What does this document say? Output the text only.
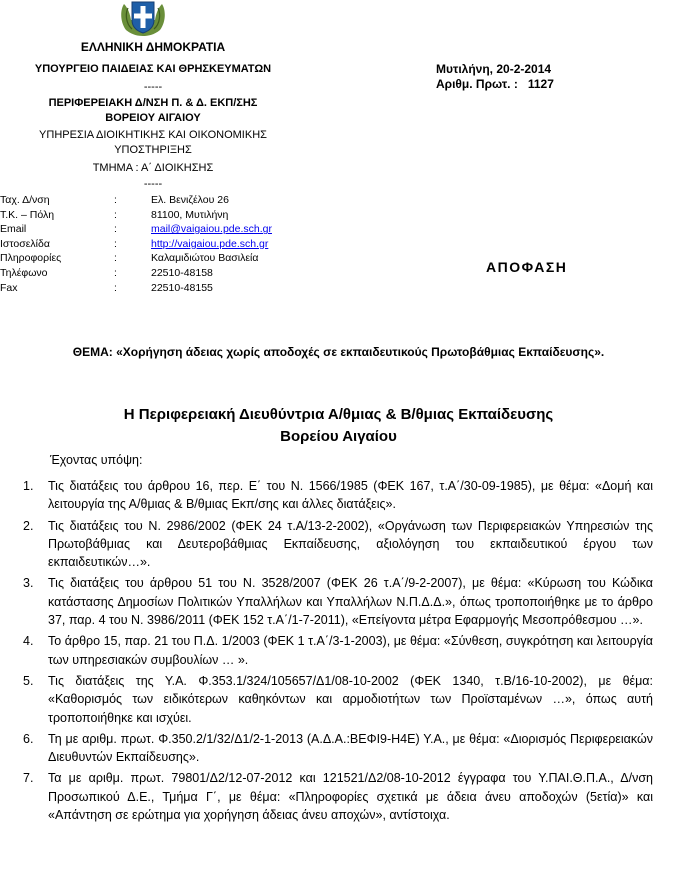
ΕΛΛΗΝΙΚΗ ΔΗΜΟΚΡΑΤΙΑ
ΥΠΟΥΡΓΕΙΟ ΠΑΙΔΕΙΑΣ ΚΑΙ ΘΡΗΣΚΕΥΜΑΤΩΝ
-----
ΠΕΡΙΦΕΡΕΙΑΚΗ Δ/ΝΣΗ Π. & Δ. ΕΚΠ/ΣΗΣ
ΒΟΡΕΙΟΥ ΑΙΓΑΙΟΥ
ΥΠΗΡΕΣΙΑ ΔΙΟΙΚΗΤΙΚΗΣ ΚΑΙ ΟΙΚΟΝΟΜΙΚΗΣ
ΥΠΟΣΤΗΡΙΞΗΣ
ΤΜΗΜΑ : Α΄ ΔΙΟΙΚΗΣΗΣ
-----
Μυτιλήνη, 20-2-2014
Αριθμ. Πρωτ. : 1127
Ταχ. Δ/νση	:	Ελ. Βενιζέλου 26
Τ.Κ. – Πόλη	:	81100, Μυτιλήνη
Email	:	mail@vaigaiou.pde.sch.gr
Ιστοσελίδα	:	http://vaigaiou.pde.sch.gr
Πληροφορίες	:	Καλαμιδιώτου Βασιλεία
Τηλέφωνο	:	22510-48158
Fax	:	22510-48155
ΑΠΟΦΑΣΗ
ΘΕΜΑ: «Χορήγηση άδειας χωρίς αποδοχές σε εκπαιδευτικούς Πρωτοβάθμιας Εκπαίδευσης».
Η Περιφερειακή Διευθύντρια Α/θμιας & Β/θμιας Εκπαίδευσης
Βορείου Αιγαίου
Έχοντας υπόψη:
1. Τις διατάξεις του άρθρου 16, περ. Ε΄ του Ν. 1566/1985 (ΦΕΚ 167, τ.Α΄/30-09-1985), με θέμα: «Δομή και λειτουργία της Α/θμιας & Β/θμιας Εκπ/σης και άλλες διατάξεις».
2. Τις διατάξεις του Ν. 2986/2002 (ΦΕΚ 24 τ.Α/13-2-2002), «Οργάνωση των Περιφερειακών Υπηρεσιών της Πρωτοβάθμιας και Δευτεροβάθμιας Εκπαίδευσης, αξιολόγηση του εκπαιδευτικού έργου των εκπαιδευτικών…».
3. Τις διατάξεις του άρθρου 51 του Ν. 3528/2007 (ΦΕΚ 26 τ.Α΄/9-2-2007), με θέμα: «Κύρωση του Κώδικα κατάστασης Δημοσίων Πολιτικών Υπαλλήλων και Υπαλλήλων Ν.Π.Δ.Δ.», όπως τροποποιήθηκε με το άρθρο 37, παρ. 4 του Ν. 3986/2011 (ΦΕΚ 152 τ.Α΄/1-7-2011), «Επείγοντα μέτρα Εφαρμογής Μεσοπρόθεσμου …».
4. Το άρθρο 15, παρ. 21 του Π.Δ. 1/2003 (ΦΕΚ 1 τ.Α΄/3-1-2003), με θέμα: «Σύνθεση, συγκρότηση και λειτουργία των υπηρεσιακών συμβουλίων … ».
5. Τις διατάξεις της Υ.Α. Φ.353.1/324/105657/Δ1/08-10-2002 (ΦΕΚ 1340, τ.Β/16-10-2002), με θέμα: «Καθορισμός των ειδικότερων καθηκόντων και αρμοδιοτήτων των Προϊσταμένων …», όπως αυτή τροποποιήθηκε και ισχύει.
6. Τη με αριθμ. πρωτ. Φ.350.2/1/32/Δ1/2-1-2013 (Α.Δ.Α.:ΒΕΦΙ9-Η4Ε) Υ.Α., με θέμα: «Διορισμός Περιφερειακών Διευθυντών Εκπαίδευσης».
7. Τα με αριθμ. πρωτ. 79801/Δ2/12-07-2012 και 121521/Δ2/08-10-2012 έγγραφα του Υ.ΠΑΙ.Θ.Π.Α., Δ/νση Προσωπικού Δ.Ε., Τμήμα Γ΄, με θέμα: «Πληροφορίες σχετικά με άδεια άνευ αποδοχών (5ετία)» και «Απάντηση σε ερώτημα για χορήγηση άδειας άνευ αποχών», αντίστοιχα.
